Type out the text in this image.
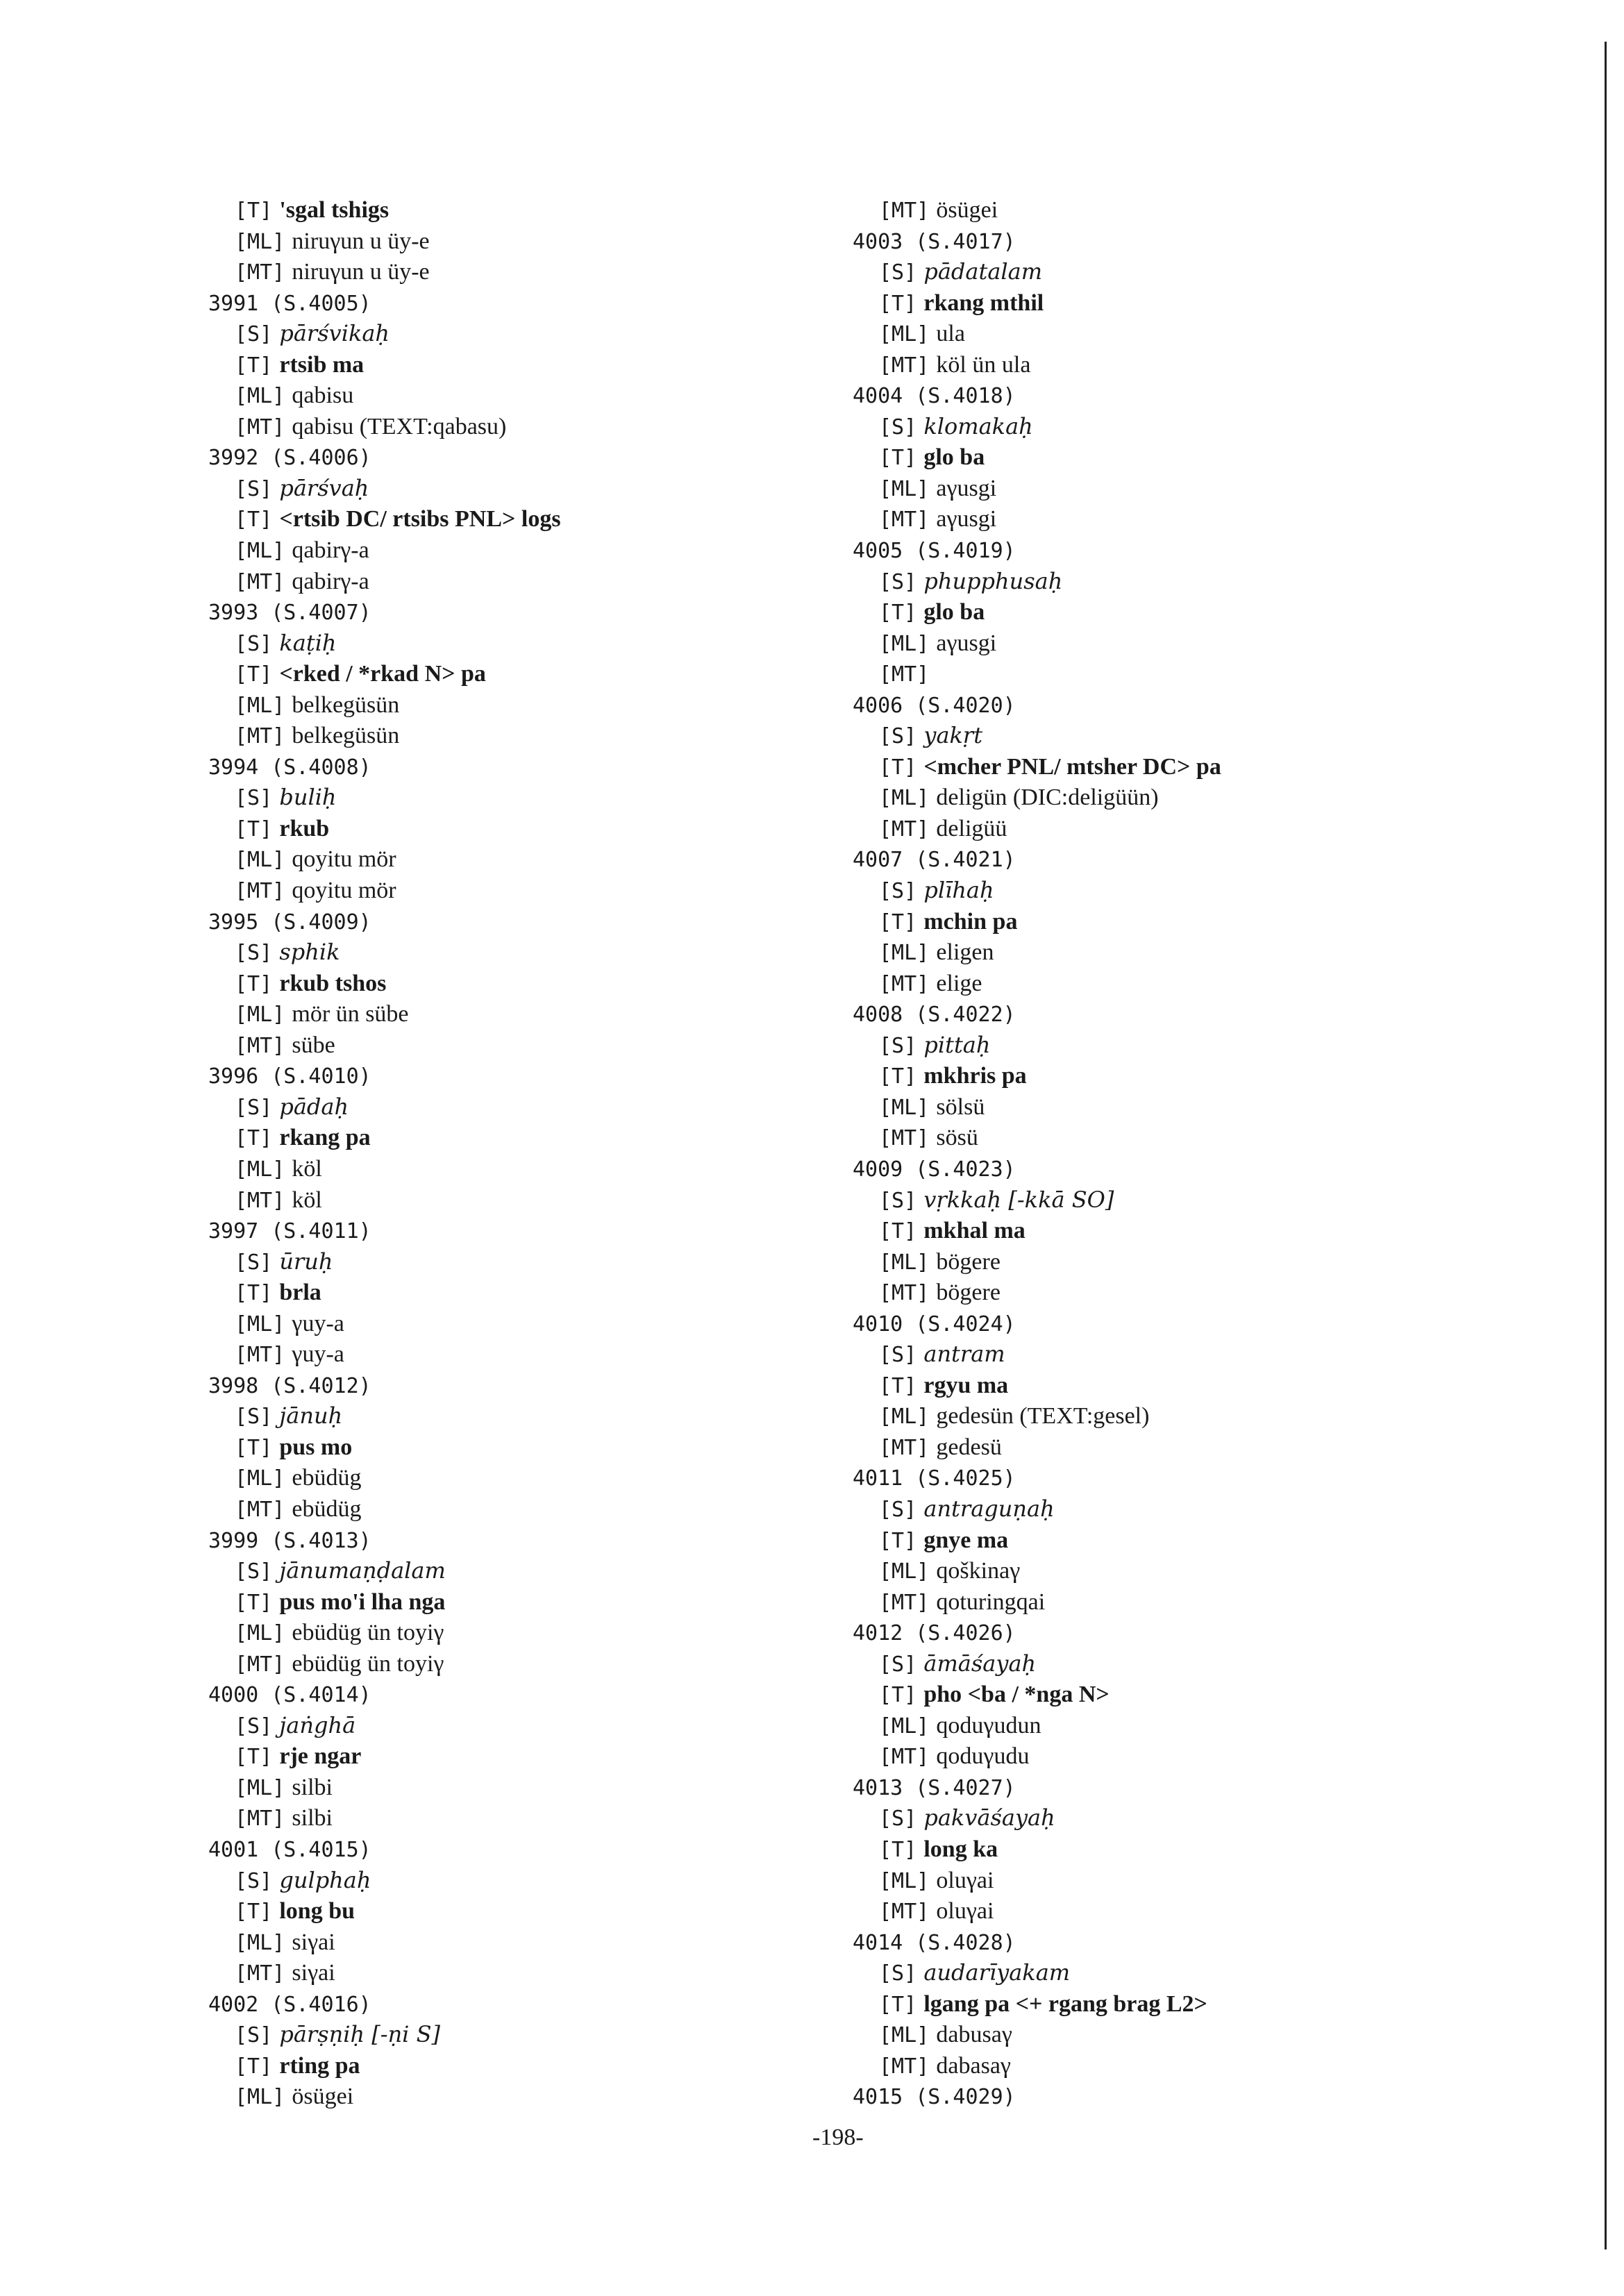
[T] 'sgal tshigs
[ML] niruγun u üy-e
[MT] niruγun u üy-e
3991 (S.4005)
[S] pārśvikaḥ
[T] rtsib ma
[ML] qabisu
[MT] qabisu (TEXT:qabasu)
3992 (S.4006)
[S] pārśvaḥ
[T] <rtsib DC/ rtsibs PNL> logs
[ML] qabirγ-a
[MT] qabirγ-a
3993 (S.4007)
[S] kaṭiḥ
[T] <rked / *rkad N> pa
[ML] belkegüsün
[MT] belkegüsün
3994 (S.4008)
[S] buliḥ
[T] rkub
[ML] qoyitu mör
[MT] qoyitu mör
3995 (S.4009)
[S] sphik
[T] rkub tshos
[ML] mör ün sübe
[MT] sübe
3996 (S.4010)
[S] pādaḥ
[T] rkang pa
[ML] köl
[MT] köl
3997 (S.4011)
[S] ūruḥ
[T] brla
[ML] γuy-a
[MT] γuy-a
3998 (S.4012)
[S] jānuḥ
[T] pus mo
[ML] ebüdüg
[MT] ebüdüg
3999 (S.4013)
[S] jānumaṇḍalam
[T] pus mo'i lha nga
[ML] ebüdüg ün toyiγ
[MT] ebüdüg ün toyiγ
4000 (S.4014)
[S] jaṅghā
[T] rje ngar
[ML] silbi
[MT] silbi
4001 (S.4015)
[S] gulphaḥ
[T] long bu
[ML] siγai
[MT] siγai
4002 (S.4016)
[S] pārṣṇiḥ [-ṇi S]
[T] rting pa
[ML] ösügei
[MT] ösügei
4003 (S.4017)
[S] pādatalam
[T] rkang mthil
[ML] ula
[MT] köl ün ula
4004 (S.4018)
[S] klomakaḥ
[T] glo ba
[ML] aγusgi
[MT] aγusgi
4005 (S.4019)
[S] phupphusaḥ
[T] glo ba
[ML] aγusgi
[MT]
4006 (S.4020)
[S] yakṛt
[T] <mcher PNL/ mtsher DC> pa
[ML] deligün (DIC:deligüün)
[MT] deligüü
4007 (S.4021)
[S] plīhaḥ
[T] mchin pa
[ML] eligen
[MT] elige
4008 (S.4022)
[S] pittaḥ
[T] mkhris pa
[ML] sölsü
[MT] sösü
4009 (S.4023)
[S] vṛkkaḥ [-kkā SO]
[T] mkhal ma
[ML] bögere
[MT] bögere
4010 (S.4024)
[S] antram
[T] rgyu ma
[ML] gedesün (TEXT:gesel)
[MT] gedesü
4011 (S.4025)
[S] antraguṇaḥ
[T] gnye ma
[ML] qoškinaγ
[MT] qoturingqai
4012 (S.4026)
[S] āmāśayaḥ
[T] pho <ba / *nga N>
[ML] qoduγudun
[MT] qoduγudu
4013 (S.4027)
[S] pakvāśayaḥ
[T] long ka
[ML] oluγai
[MT] oluγai
4014 (S.4028)
[S] audarīyakam
[T] lgang pa <+ rgang brag L2>
[ML] dabusaγ
[MT] dabasaγ
4015 (S.4029)
-198-
